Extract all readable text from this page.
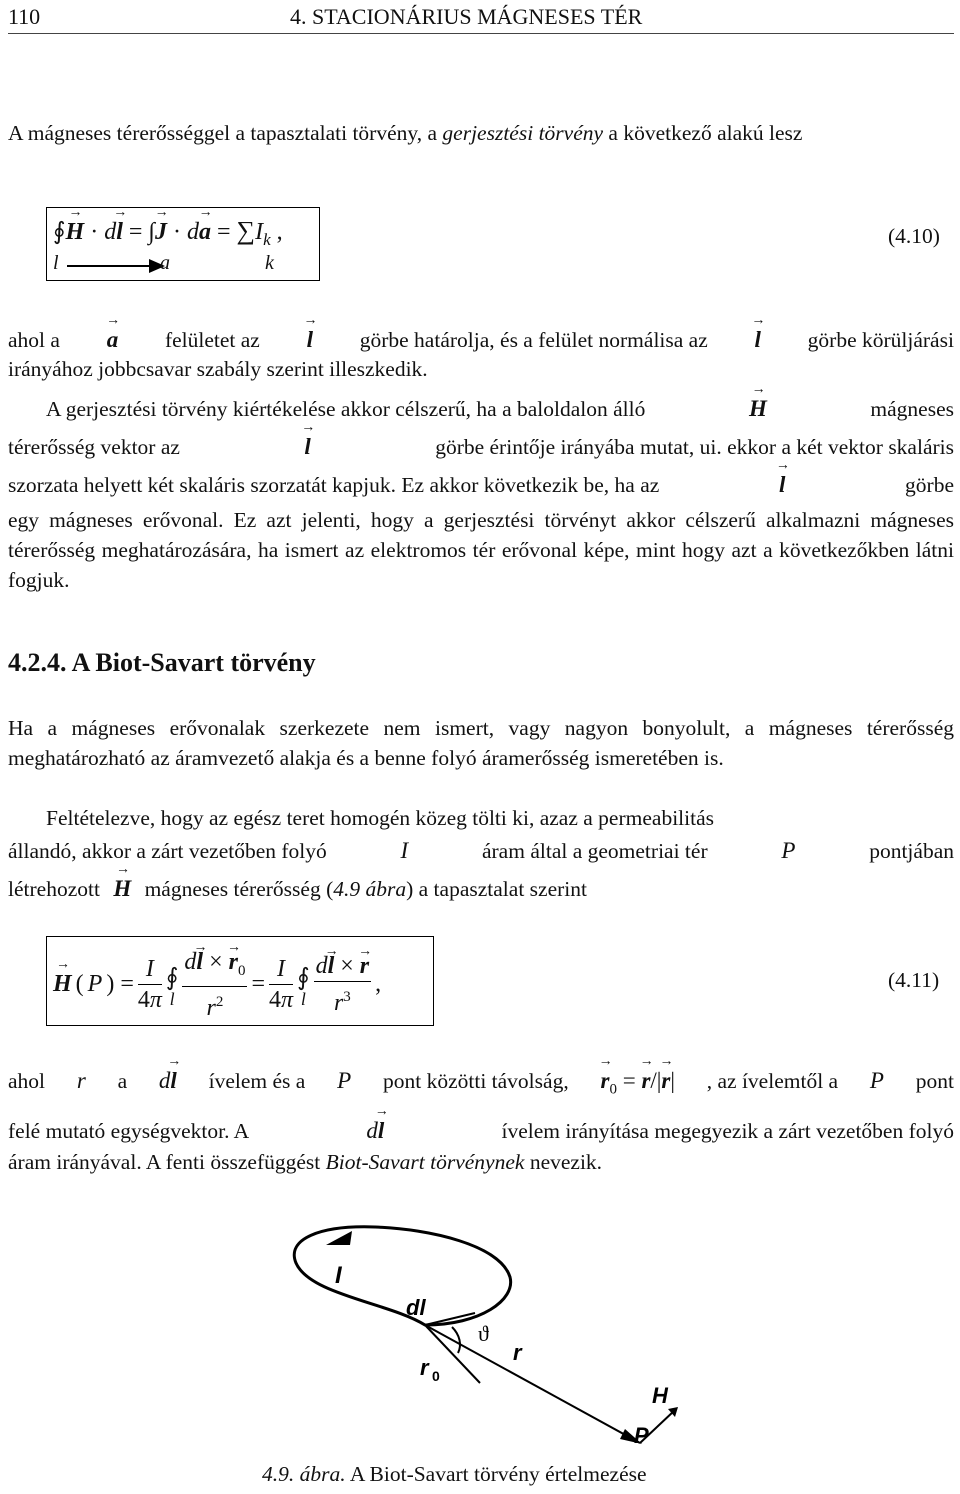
110	4. STACIONÁRIUS MÁGNESES TÉR
A mágneses térerősséggel a tapasztalati törvény, a gerjesztési törvény a következő alakú lesz
∮→ H · d→ l = ∫→ $J \cdot d\to a = \sum I_k$ ,
l	a	k
(4.10)
ahol a → a felületet az → l görbe határolja, és a felület normálisa az → l görbe körüljárási
irányához jobbcsavar szabály szerint illeszkedik.
A gerjesztési törvény kiértékelése akkor célszerű, ha a baloldalon álló	→ H	mágneses
térerősség vektor az	→ l	görbe érintője irányába mutat, ui. ekkor a két vektor skaláris
szorzata helyett két skaláris szorzatát kapjuk. Ez akkor következik be, ha az	→ l	görbe
egy mágneses erővonal. Ez azt jelenti, hogy a gerjesztési törvényt akkor célszerű alkalmazni mágneses térerősség meghatározására, ha ismert az elektromos tér erővonal képe, mint hogy azt a következőkben látni fogjuk.
4.2.4. A Biot-Savart törvény
Ha a mágneses erővonalak szerkezete nem ismert, vagy nagyon bonyolult, a mágneses térerősség meghatározható az áramvezető alakja és a benne folyó áramerősség ismeretében is.
Feltételezve, hogy az egész teret homogén közeg tölti ki, azaz a permeabilitás
állandó, akkor a zárt vezetőben folyó	I	áram által a geometriai tér	P	pontjában
létrehozott → H mágneses térerősség (4.9 ábra) a tapasztalat szerint
→ H ( P ) = $\frac{I}{4\pi}$ ∮
l $\frac{d\to l \times \to r_0}{r^2} = \frac{I}{4\pi}$ ∮
l $\frac{d\to l \times \to r}{r^3}$ ,	(4.11)
ahol r a d→ l ívelem és a P pont közötti távolság, → $r_0$ = → r/|→ r| , az ívelemtől a P pont
felé mutató egységvektor. A	d→ l	ívelem irányítása megegyezik a zárt vezetőben folyó
áram irányával. A fenti összefüggést Biot-Savart törvénynek nevezik.
I
dl
ϑ
r
r 0
H
P
4.9. ábra. A Biot-Savart törvény értelmezése
